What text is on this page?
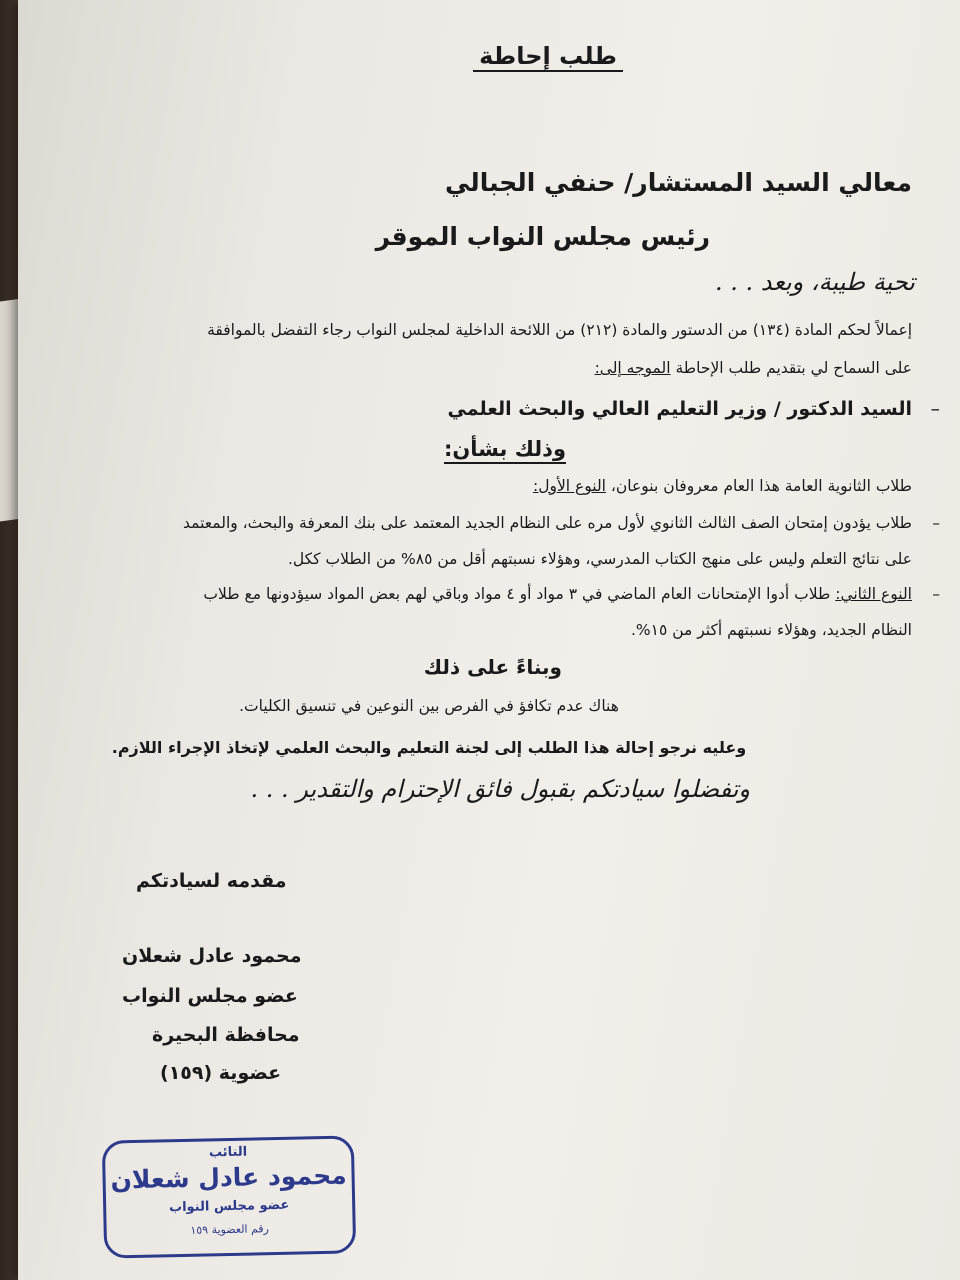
طلب إحاطة
معالي السيد المستشار/ حنفي الجبالي
رئيس مجلس النواب الموقر
تحية طيبة، وبعد . . .
إعمالاً لحكم المادة (١٣٤) من الدستور والمادة (٢١٢) من اللائحة الداخلية لمجلس النواب رجاء التفضل بالموافقة
على السماح لي بتقديم طلب الإحاطة الموجه إلى:
–
السيد الدكتور / وزير التعليم العالي والبحث العلمي
وذلك بشأن:
طلاب الثانوية العامة هذا العام معروفان بنوعان، النوع الأول:
–
طلاب يؤدون إمتحان الصف الثالث الثانوي لأول مره على النظام الجديد المعتمد على بنك المعرفة والبحث، والمعتمد
على نتائج التعلم وليس على منهج الكتاب المدرسي، وهؤلاء نسبتهم أقل من ٨٥% من الطلاب ككل.
–
النوع الثاني: طلاب أدوا الإمتحانات العام الماضي في ٣ مواد أو ٤ مواد وباقي لهم بعض المواد سيؤدونها مع طلاب
النظام الجديد، وهؤلاء نسبتهم أكثر من ١٥%.
وبناءً على ذلك
هناك عدم تكافؤ في الفرص بين النوعين في تنسيق الكليات.
وعليه نرجو إحالة هذا الطلب إلى لجنة التعليم والبحث العلمي لإتخاذ الإجراء اللازم.
وتفضلوا سيادتكم بقبول فائق الإحترام والتقدير . . .
مقدمه لسيادتكم
محمود عادل شعلان
عضو مجلس النواب
محافظة البحيرة
عضوية (١٥٩)
النائب
محمود عادل شعلان
عضو مجلس النواب
رقم العضوية ١٥٩
